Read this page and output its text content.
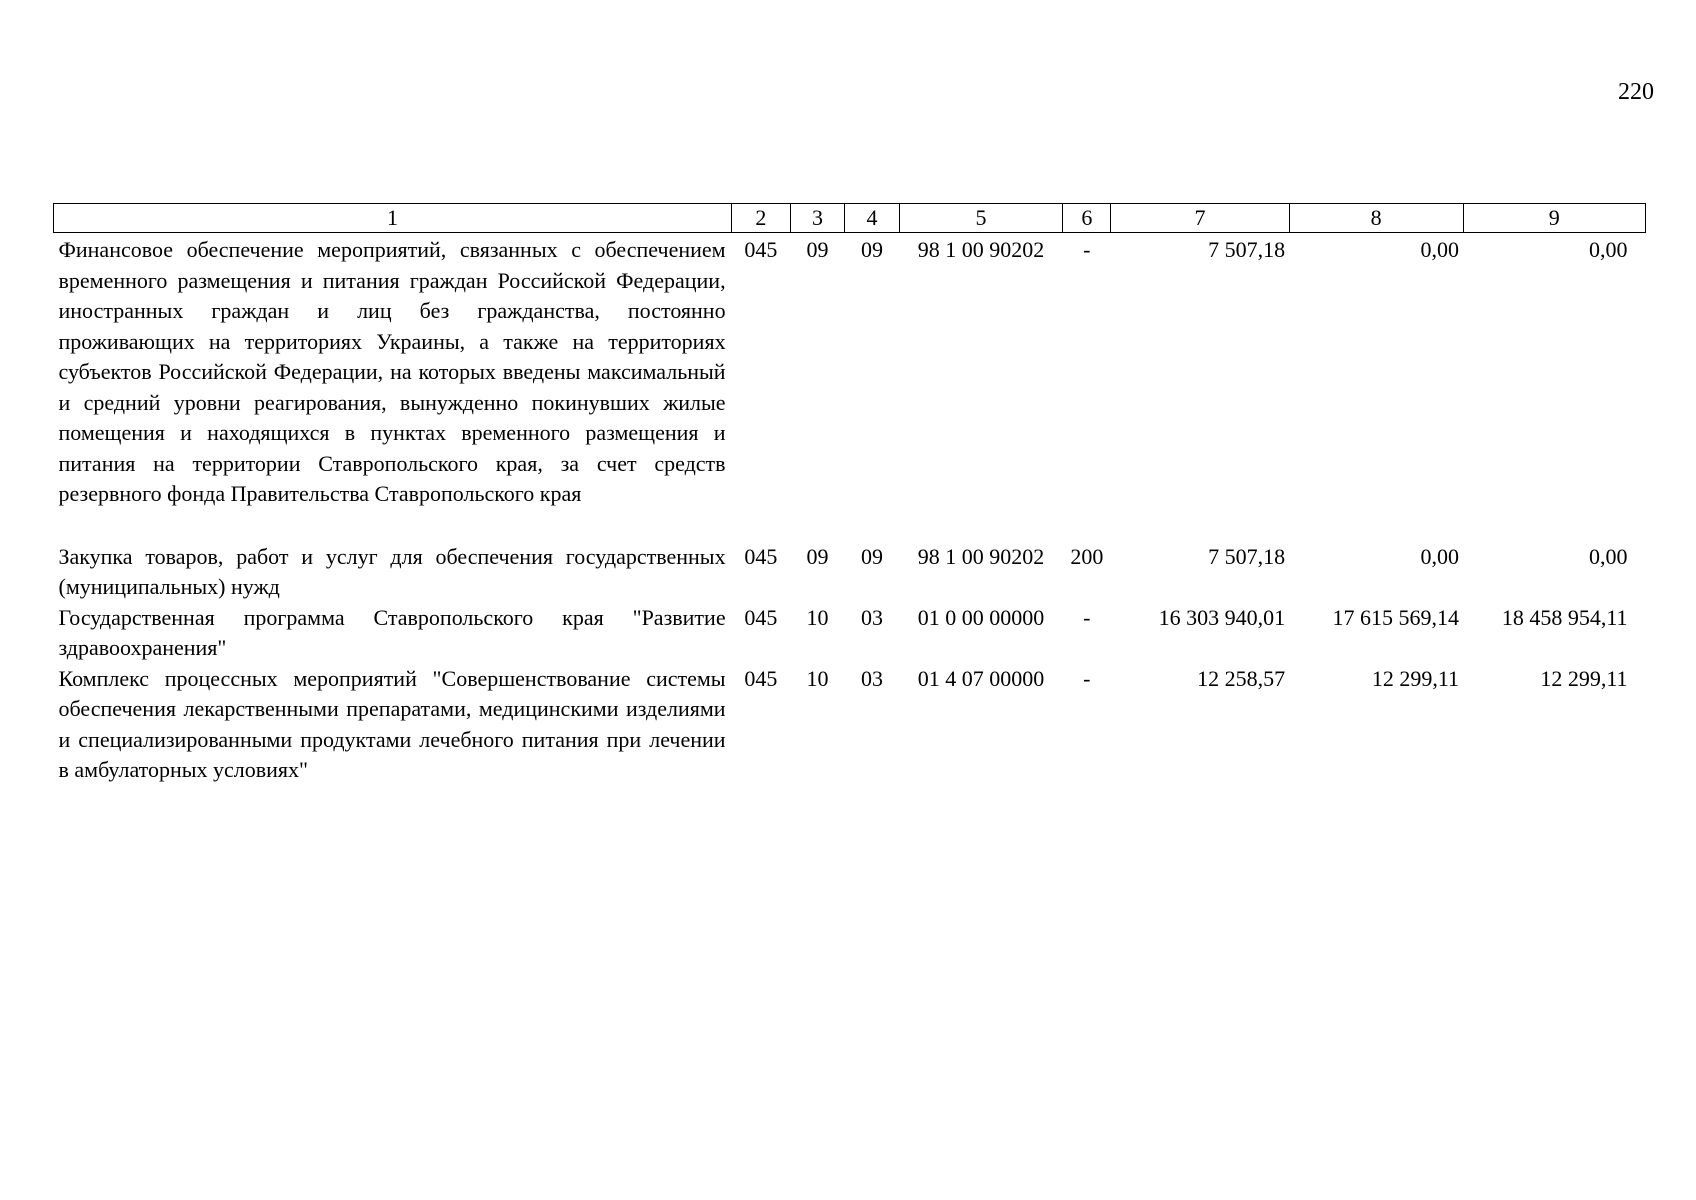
220
1	2	3	4	5	6	7	8	9
Финансовое обеспечение мероприятий, связанных с обеспечением временного размещения и питания граждан Российской Федерации, иностранных граждан и лиц без гражданства, постоянно проживающих на территориях Украины, а также на территориях субъектов Российской Федерации, на которых введены максимальный и средний уровни реагирования, вынужденно покинувших жилые помещения и находящихся в пунктах временного размещения и питания на территории Ставропольского края, за счет средств резервного фонда Правительства Ставропольского края	045	09	09	98 1 00 90202	-	7 507,18	0,00	0,00
Закупка товаров, работ и услуг для обеспечения государственных (муниципальных) нужд	045	09	09	98 1 00 90202	200	7 507,18	0,00	0,00
Государственная программа Ставропольского края "Развитие здравоохранения"	045	10	03	01 0 00 00000	-	16 303 940,01	17 615 569,14	18 458 954,11
Комплекс процессных мероприятий "Совершенствование системы обеспечения лекарственными препаратами, медицинскими изделиями и специализированными продуктами лечебного питания при лечении в амбулаторных условиях"	045	10	03	01 4 07 00000	-	12 258,57	12 299,11	12 299,11
